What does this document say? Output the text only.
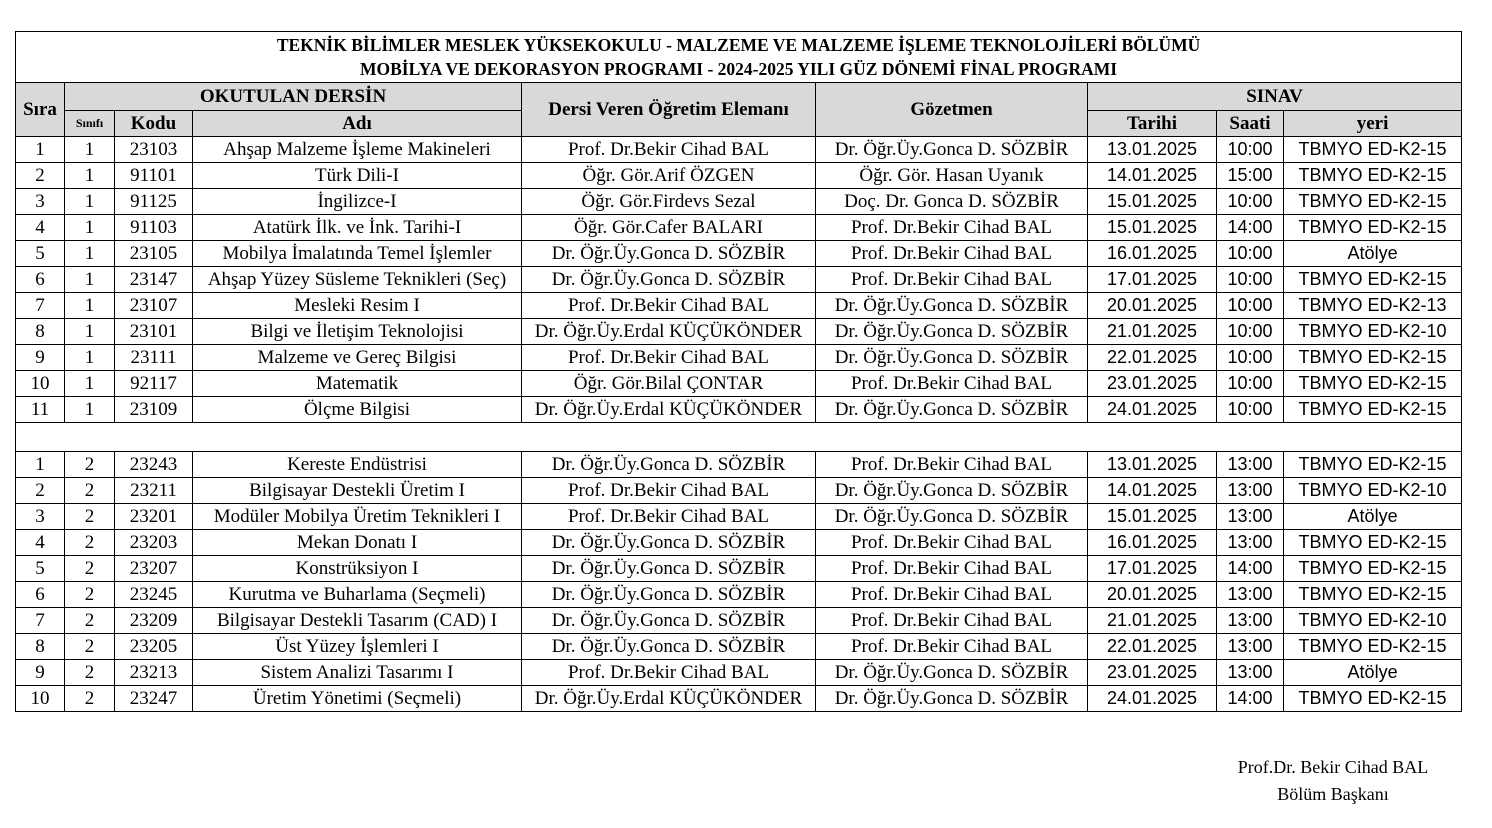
TEKNİK BİLİMLER MESLEK YÜKSEKOKULU - MALZEME VE MALZEME İŞLEME TEKNOLOJİLERİ BÖLÜMÜ
MOBİLYA VE DEKORASYON PROGRAMI - 2024-2025 YILI GÜZ DÖNEMİ FİNAL PROGRAMI								

Sıra	OKUTULAN DERSİN			Dersi Veren Öğretim Elemanı	Gözetmen	SINAV		
	Sınıfı	Kodu	Adı			Tarihi	Saati	yeri
1	1	23103	Ahşap Malzeme İşleme Makineleri	Prof. Dr.Bekir Cihad BAL	Dr. Öğr.Üy.Gonca D. SÖZBİR	13.01.2025	10:00	TBMYO ED-K2-15
2	1	91101	Türk Dili-I	Öğr. Gör.Arif ÖZGEN	Öğr. Gör. Hasan Uyanık	14.01.2025	15:00	TBMYO ED-K2-15
3	1	91125	İngilizce-I	Öğr. Gör.Firdevs Sezal	Doç. Dr. Gonca D. SÖZBİR	15.01.2025	10:00	TBMYO ED-K2-15
4	1	91103	Atatürk İlk. ve İnk. Tarihi-I	Öğr. Gör.Cafer BALARI	Prof. Dr.Bekir Cihad BAL	15.01.2025	14:00	TBMYO ED-K2-15
5	1	23105	Mobilya İmalatında Temel İşlemler	Dr. Öğr.Üy.Gonca D. SÖZBİR	Prof. Dr.Bekir Cihad BAL	16.01.2025	10:00	Atölye
6	1	23147	Ahşap Yüzey Süsleme Teknikleri (Seç)	Dr. Öğr.Üy.Gonca D. SÖZBİR	Prof. Dr.Bekir Cihad BAL	17.01.2025	10:00	TBMYO ED-K2-15
7	1	23107	Mesleki Resim I	Prof. Dr.Bekir Cihad BAL	Dr. Öğr.Üy.Gonca D. SÖZBİR	20.01.2025	10:00	TBMYO ED-K2-13
8	1	23101	Bilgi ve İletişim Teknolojisi	Dr. Öğr.Üy.Erdal KÜÇÜKÖNDER	Dr. Öğr.Üy.Gonca D. SÖZBİR	21.01.2025	10:00	TBMYO ED-K2-10
9	1	23111	Malzeme ve Gereç Bilgisi	Prof. Dr.Bekir Cihad BAL	Dr. Öğr.Üy.Gonca D. SÖZBİR	22.01.2025	10:00	TBMYO ED-K2-15
10	1	92117	Matematik	Öğr. Gör.Bilal ÇONTAR	Prof. Dr.Bekir Cihad BAL	23.01.2025	10:00	TBMYO ED-K2-15
11	1	23109	Ölçme Bilgisi	Dr. Öğr.Üy.Erdal KÜÇÜKÖNDER	Dr. Öğr.Üy.Gonca D. SÖZBİR	24.01.2025	10:00	TBMYO ED-K2-15

1	2	23243	Kereste Endüstrisi	Dr. Öğr.Üy.Gonca D. SÖZBİR	Prof. Dr.Bekir Cihad BAL	13.01.2025	13:00	TBMYO ED-K2-15
2	2	23211	Bilgisayar Destekli Üretim I	Prof. Dr.Bekir Cihad BAL	Dr. Öğr.Üy.Gonca D. SÖZBİR	14.01.2025	13:00	TBMYO ED-K2-10
3	2	23201	Modüler Mobilya Üretim Teknikleri I	Prof. Dr.Bekir Cihad BAL	Dr. Öğr.Üy.Gonca D. SÖZBİR	15.01.2025	13:00	Atölye
4	2	23203	Mekan Donatı I	Dr. Öğr.Üy.Gonca D. SÖZBİR	Prof. Dr.Bekir Cihad BAL	16.01.2025	13:00	TBMYO ED-K2-15
5	2	23207	Konstrüksiyon I	Dr. Öğr.Üy.Gonca D. SÖZBİR	Prof. Dr.Bekir Cihad BAL	17.01.2025	14:00	TBMYO ED-K2-15
6	2	23245	Kurutma ve Buharlama (Seçmeli)	Dr. Öğr.Üy.Gonca D. SÖZBİR	Prof. Dr.Bekir Cihad BAL	20.01.2025	13:00	TBMYO ED-K2-15
7	2	23209	Bilgisayar Destekli Tasarım (CAD) I	Dr. Öğr.Üy.Gonca D. SÖZBİR	Prof. Dr.Bekir Cihad BAL	21.01.2025	13:00	TBMYO ED-K2-10
8	2	23205	Üst Yüzey İşlemleri I	Dr. Öğr.Üy.Gonca D. SÖZBİR	Prof. Dr.Bekir Cihad BAL	22.01.2025	13:00	TBMYO ED-K2-15
9	2	23213	Sistem Analizi Tasarımı I	Prof. Dr.Bekir Cihad BAL	Dr. Öğr.Üy.Gonca D. SÖZBİR	23.01.2025	13:00	Atölye
10	2	23247	Üretim Yönetimi (Seçmeli)	Dr. Öğr.Üy.Erdal KÜÇÜKÖNDER	Dr. Öğr.Üy.Gonca D. SÖZBİR	24.01.2025	14:00	TBMYO ED-K2-15
Prof.Dr. Bekir Cihad BAL
Bölüm Başkanı
